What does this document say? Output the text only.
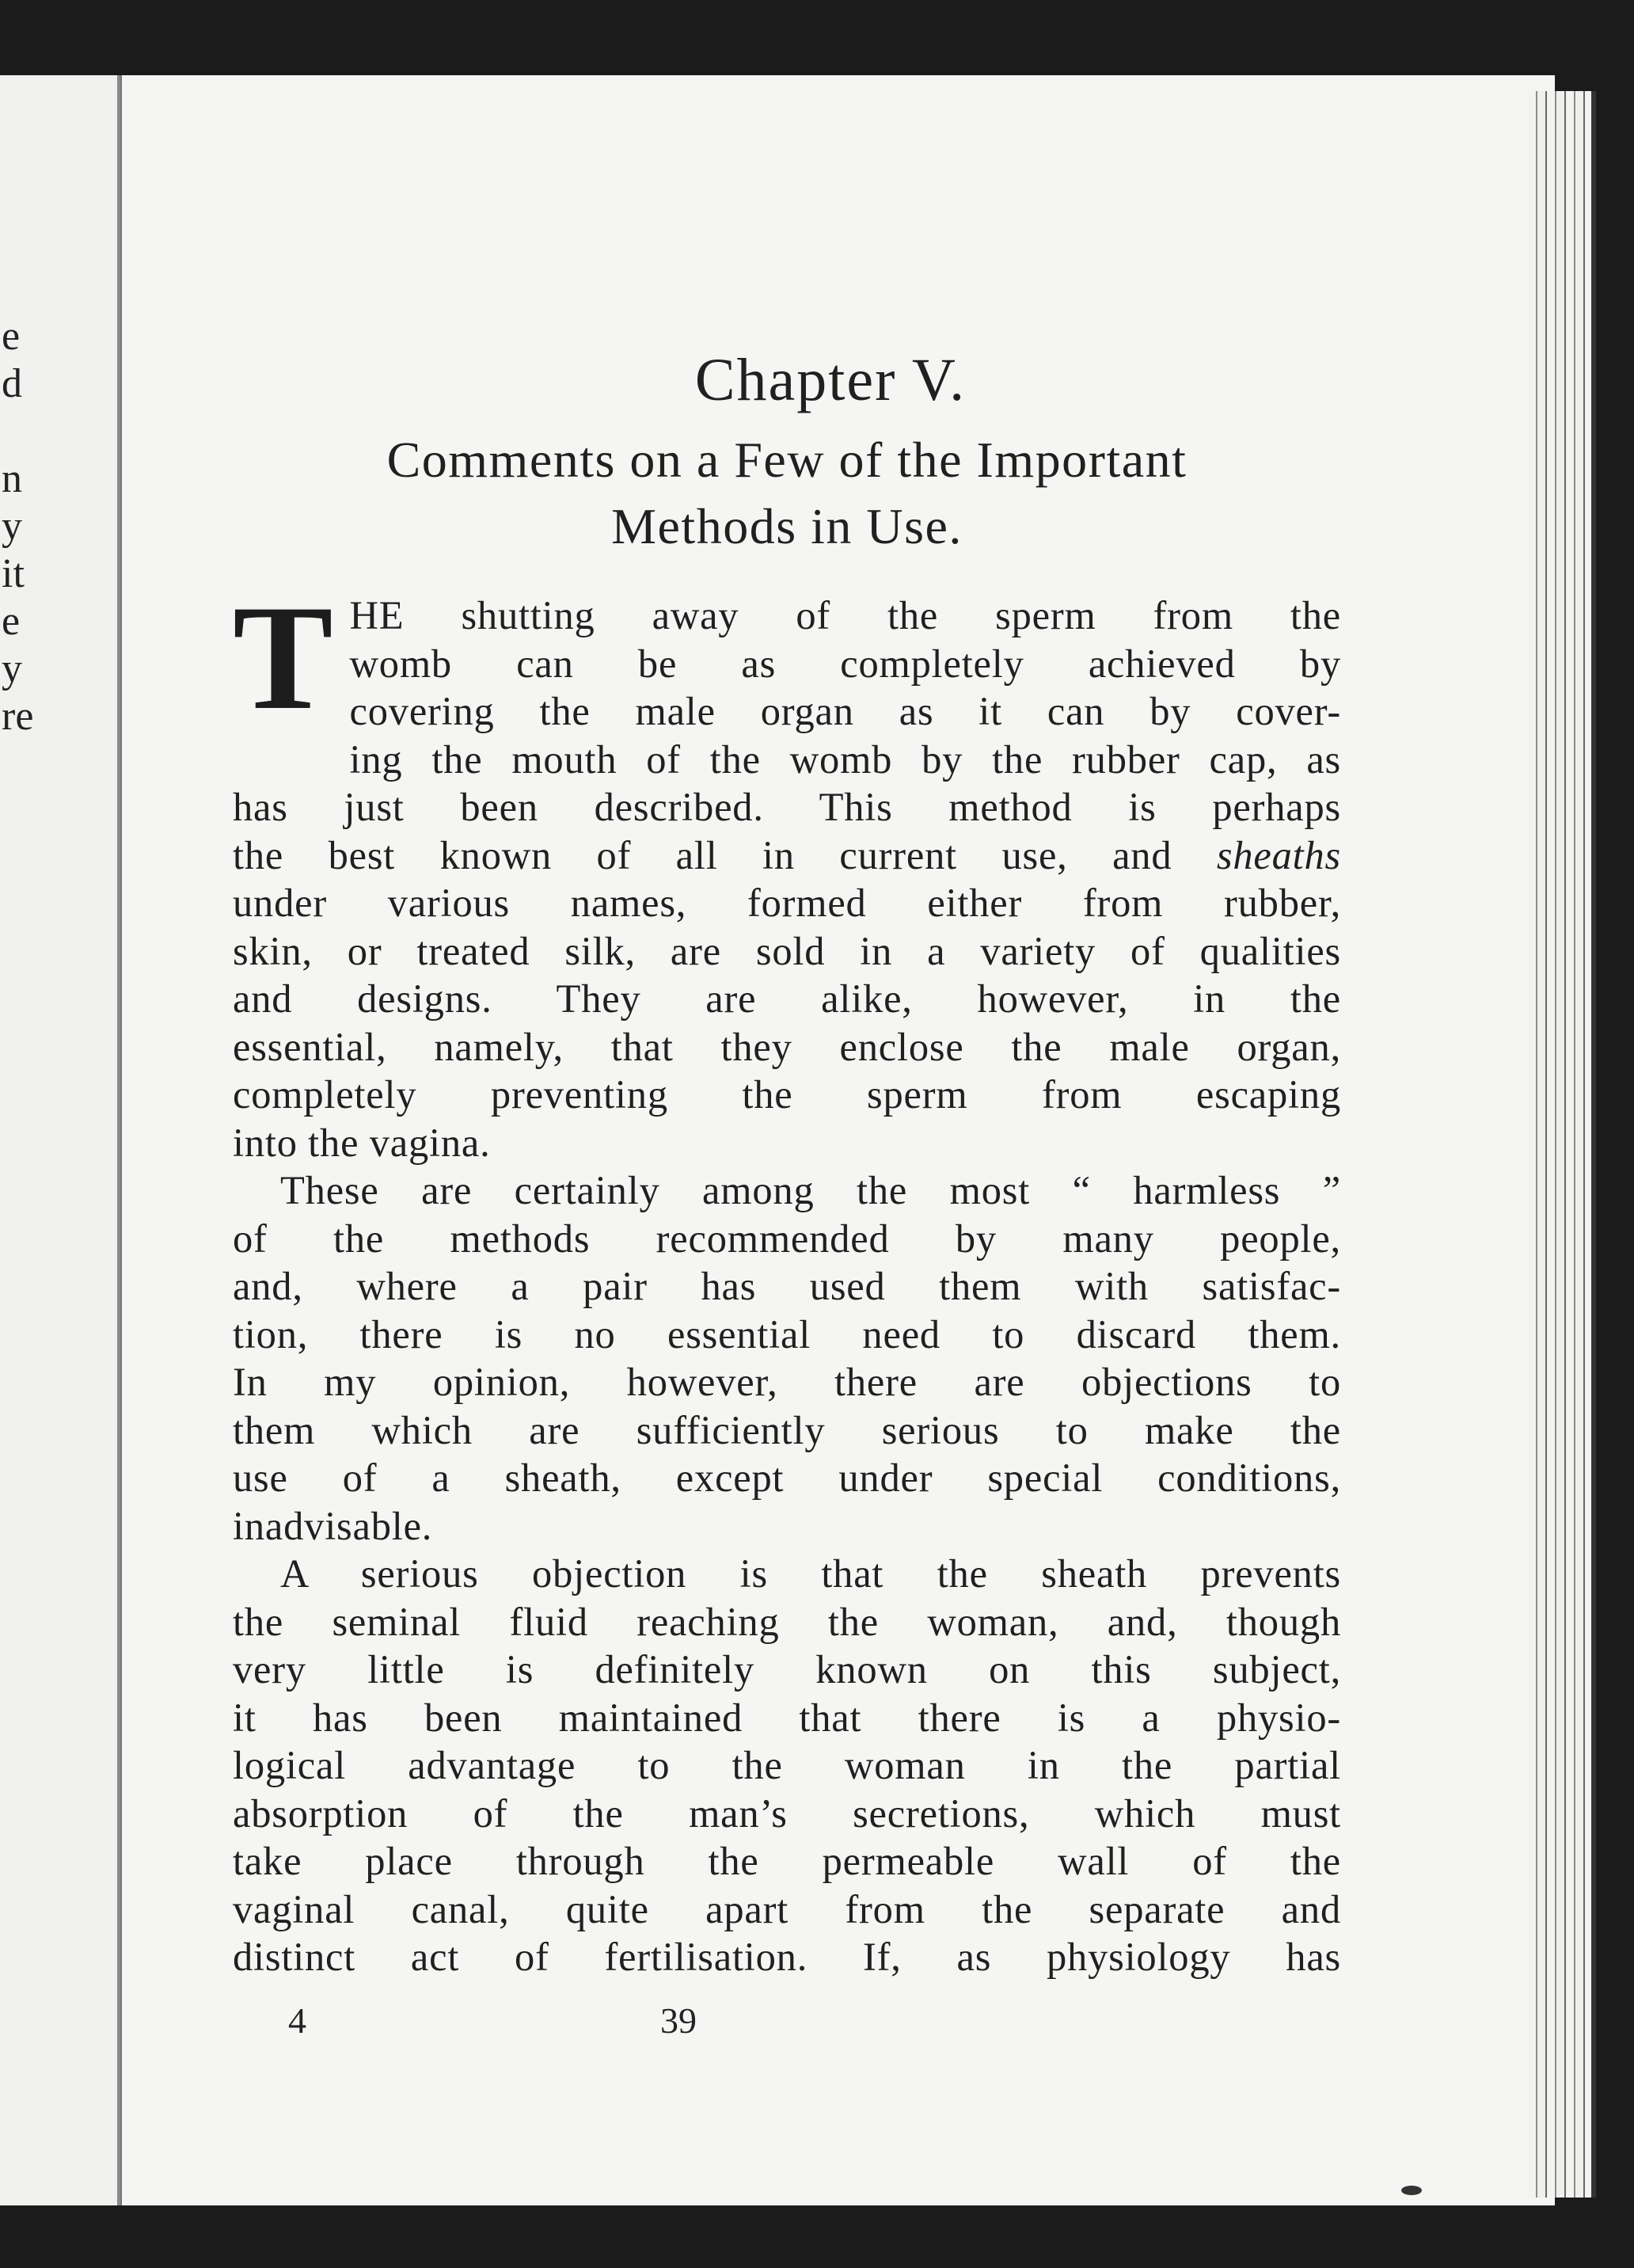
e
d
n
y
it
e
y
re
Chapter V.
Comments on a Few of the Important
Methods in Use.
T HE shutting away of the sperm from the
womb can be as completely achieved by
covering the male organ as it can by cover-
ing the mouth of the womb by the rubber cap, as
has just been described. This method is perhaps
the best known of all in current use, and sheaths
under various names, formed either from rubber,
skin, or treated silk, are sold in a variety of qualities
and designs. They are alike, however, in the
essential, namely, that they enclose the male organ,
completely preventing the sperm from escaping
into the vagina.
These are certainly among the most “ harmless ”
of the methods recommended by many people,
and, where a pair has used them with satisfac-
tion, there is no essential need to discard them.
In my opinion, however, there are objections to
them which are sufficiently serious to make the
use of a sheath, except under special conditions,
inadvisable.
A serious objection is that the sheath prevents
the seminal fluid reaching the woman, and, though
very little is definitely known on this subject,
it has been maintained that there is a physio-
logical advantage to the woman in the partial
absorption of the man’s secretions, which must
take place through the permeable wall of the
vaginal canal, quite apart from the separate and
distinct act of fertilisation. If, as physiology has
4	39
